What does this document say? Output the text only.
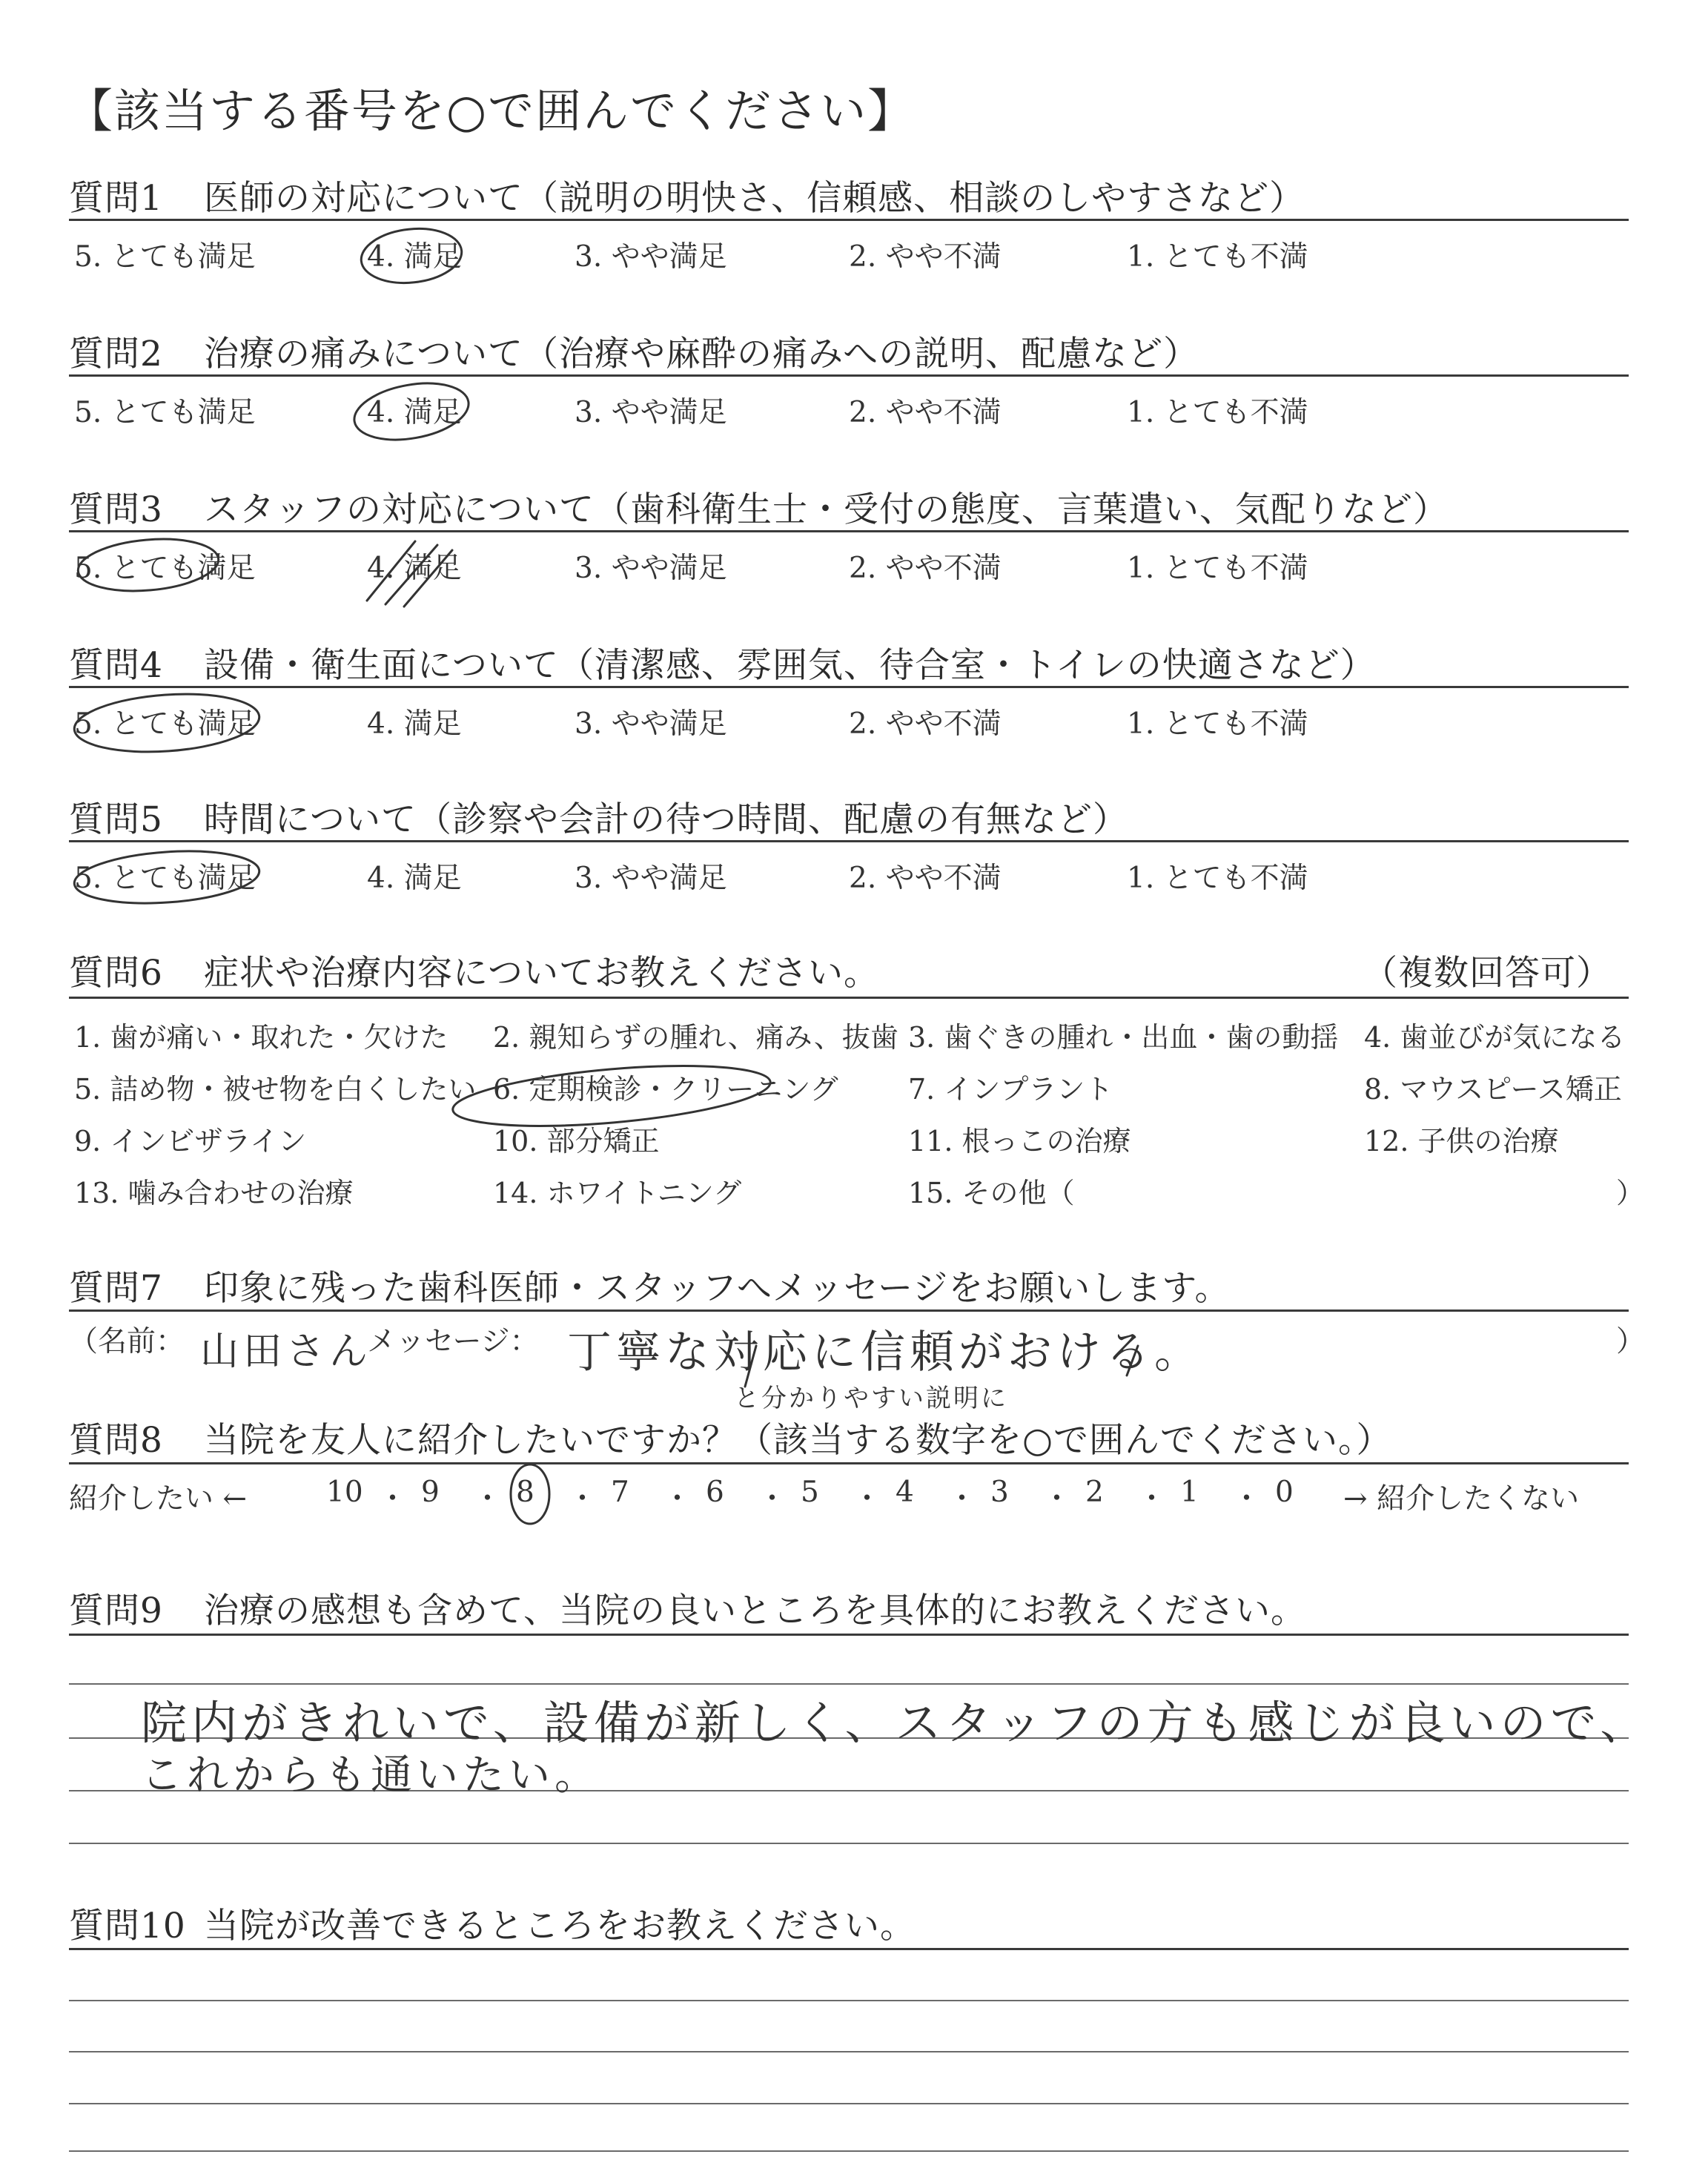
【該当する番号を○で囲んでください】
質問1 医師の対応について（説明の明快さ、信頼感、相談のしやすさなど）
5. とても満足	4. 満足	3. やや満足	2. やや不満	1. とても不満
質問2 治療の痛みについて（治療や麻酔の痛みへの説明、配慮など）
5. とても満足	4. 満足	3. やや満足	2. やや不満	1. とても不満
質問3 スタッフの対応について（歯科衛生士・受付の態度、言葉遣い、気配りなど）
5. とても満足	4. 満足	3. やや満足	2. やや不満	1. とても不満
質問4 設備・衛生面について（清潔感、雰囲気、待合室・トイレの快適さなど）
5. とても満足	4. 満足	3. やや満足	2. やや不満	1. とても不満
質問5 時間について（診察や会計の待つ時間、配慮の有無など）
5. とても満足	4. 満足	3. やや満足	2. やや不満	1. とても不満
質問6 症状や治療内容についてお教えください。	（複数回答可）
1. 歯が痛い・取れた・欠けた 2. 親知らずの腫れ、痛み、抜歯 3. 歯ぐきの腫れ・出血・歯の動揺 4. 歯並びが気になる
5. 詰め物・被せ物を白くしたい 6. 定期検診・クリーニング 7. インプラント	8. マウスピース矯正
9. インビザライン	10. 部分矯正	11. 根っこの治療	12. 子供の治療
13. 噛み合わせの治療	14. ホワイトニング	15. その他（	）
質問7 印象に残った歯科医師・スタッフへメッセージをお願いします。
（名前： 山田さん
メッセージ： 丁寧な対応に信頼がおける。
と分かりやすい説明に
）
質問8 当院を友人に紹介したいですか？（該当する数字を○で囲んでください。）
紹介したい ←	10 ・ 9 ・ 8 ・ 7 ・ 6 ・ 5 ・ 4 ・ 3 ・ 2 ・ 1 ・ 0 → 紹介したくない
質問9 治療の感想も含めて、当院の良いところを具体的にお教えください。
院内がきれいで、設備が新しく、スタッフの方も感じが良いので、
これからも通いたい。
質問10 当院が改善できるところをお教えください。
